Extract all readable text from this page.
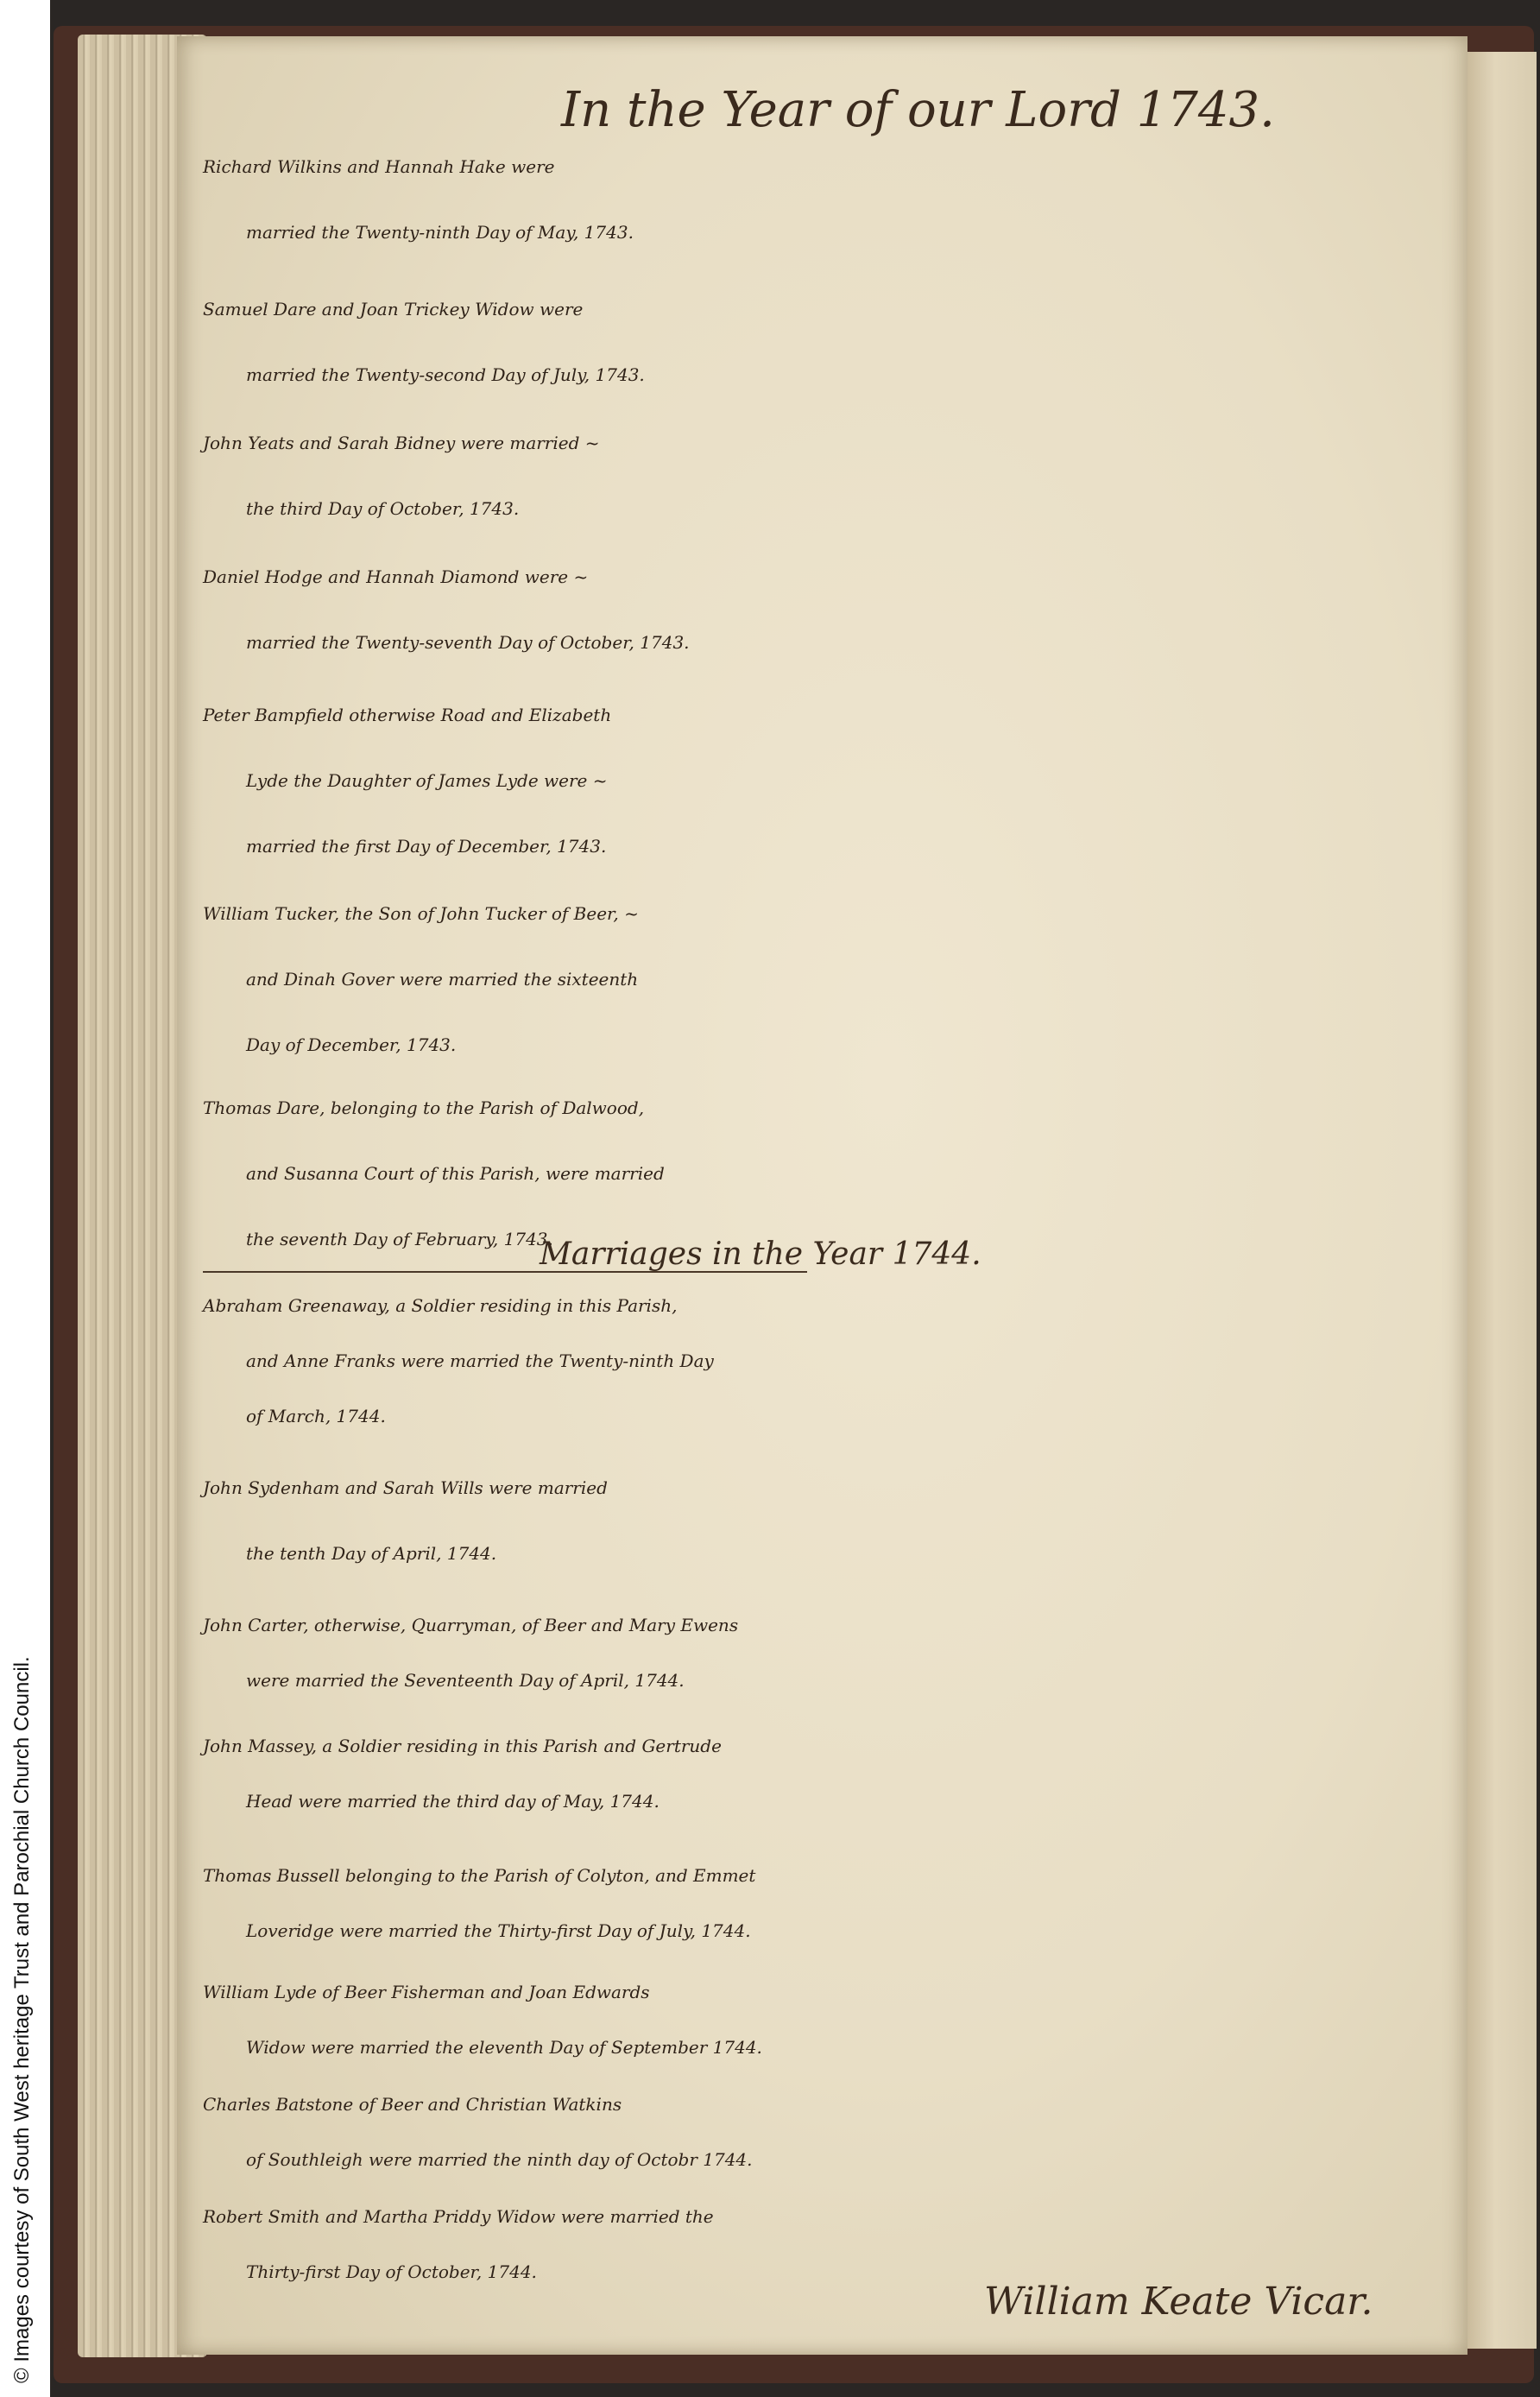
© Images courtesy of South West heritage Trust and Parochial Church Council.
In the Year of our Lord 1743.
Richard Wilkins and Hannah Hake were
married the Twenty-ninth Day of May, 1743.
Samuel Dare and Joan Trickey Widow were
married the Twenty-second Day of July, 1743.
John Yeats and Sarah Bidney were married ~
the third Day of October, 1743.
Daniel Hodge and Hannah Diamond were ~
married the Twenty-seventh Day of October, 1743.
Peter Bampfield otherwise Road and Elizabeth
Lyde the Daughter of James Lyde were ~
married the first Day of December, 1743.
William Tucker, the Son of John Tucker of Beer, ~
and Dinah Gover were married the sixteenth
Day of December, 1743.
Thomas Dare, belonging to the Parish of Dalwood,
and Susanna Court of this Parish, were married
the seventh Day of February, 1743.
Marriages in the Year 1744.
Abraham Greenaway, a Soldier residing in this Parish,
and Anne Franks were married the Twenty-ninth Day
of March, 1744.
John Sydenham and Sarah Wills were married
the tenth Day of April, 1744.
John Carter, otherwise, Quarryman, of Beer and Mary Ewens
were married the Seventeenth Day of April, 1744.
John Massey, a Soldier residing in this Parish and Gertrude
Head were married the third day of May, 1744.
Thomas Bussell belonging to the Parish of Colyton, and Emmet
Loveridge were married the Thirty-first Day of July, 1744.
William Lyde of Beer Fisherman and Joan Edwards
Widow were married the eleventh Day of September 1744.
Charles Batstone of Beer and Christian Watkins
of Southleigh were married the ninth day of Octobr 1744.
Robert Smith and Martha Priddy Widow were married the
Thirty-first Day of October, 1744.
William Keate Vicar.
